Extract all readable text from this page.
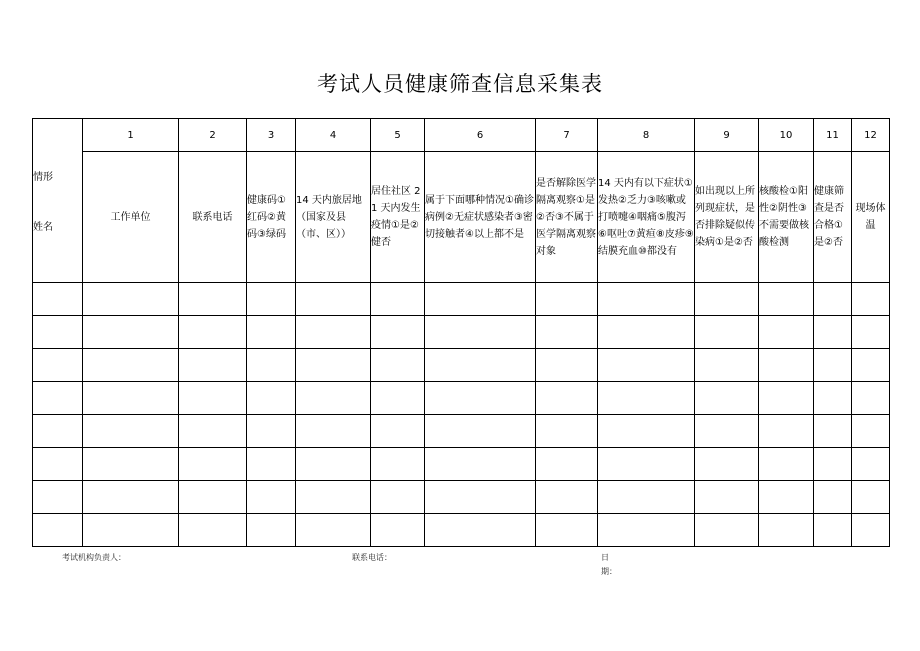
考试人员健康筛查信息采集表
情形
姓名	1	2	3	4	5	6	7	8	9	10	11	12
	工作单位	联系电话	健康码①红码②黄码③绿码	14 天内旅居地（国家及县（市、区））	居住社区 21 天内发生疫情①是②健否	属于下面哪种情况①确诊病例②无症状感染者③密切接触者④以上都不是	是否解除医学隔离观察①是②否③不属于医学隔离观察对象	14 天内有以下症状①发热②乏力③咳嗽或打喷嚏④咽痛⑤腹泻⑥呕吐⑦黄疸⑧皮疹⑨结膜充血⑩都没有	如出现以上所列现症状，是否排除疑似传染病①是②否	核酸检①阳性②阴性③不需要做核酸检测	健康筛查是否合格①是②否	现场体温

考试机构负责人：	联系电话：	日
期：
